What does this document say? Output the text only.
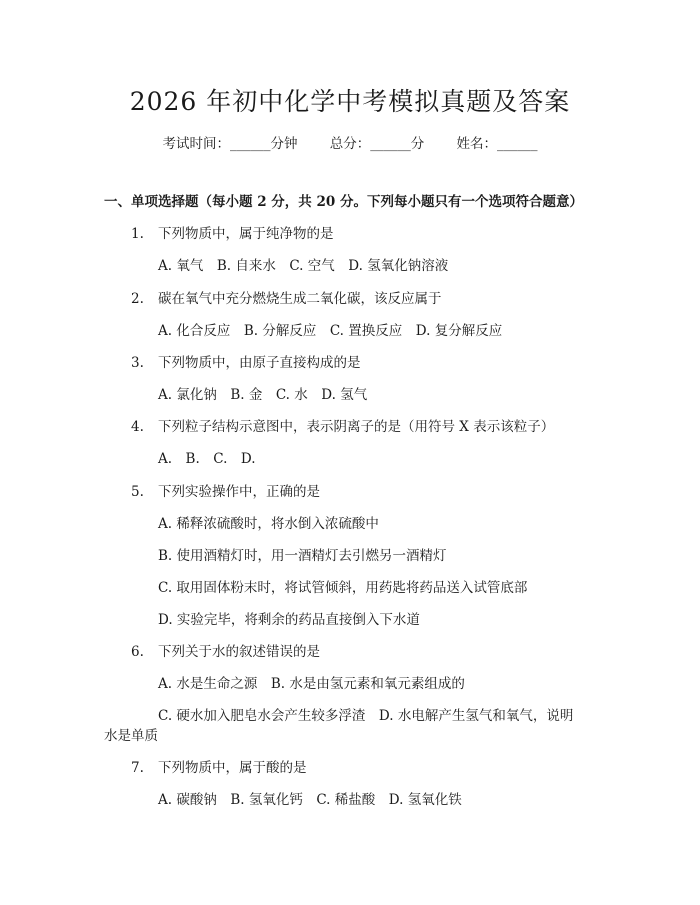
2026 年初中化学中考模拟真题及答案
考试时间：______分钟 总分：______分 姓名：______
一、单项选择题（每小题 2 分，共 20 分。下列每小题只有一个选项符合题意）
1. 下列物质中，属于纯净物的是
A. 氧气　B. 自来水　C. 空气　D. 氢氧化钠溶液
2. 碳在氧气中充分燃烧生成二氧化碳，该反应属于
A. 化合反应　B. 分解反应　C. 置换反应　D. 复分解反应
3. 下列物质中，由原子直接构成的是
A. 氯化钠　B. 金　C. 水　D. 氢气
4. 下列粒子结构示意图中，表示阴离子的是（用符号 X 表示该粒子）
A.　B.　C.　D.
5. 下列实验操作中，正确的是
A. 稀释浓硫酸时，将水倒入浓硫酸中
B. 使用酒精灯时，用一酒精灯去引燃另一酒精灯
C. 取用固体粉末时，将试管倾斜，用药匙将药品送入试管底部
D. 实验完毕，将剩余的药品直接倒入下水道
6. 下列关于水的叙述错误的是
A. 水是生命之源　B. 水是由氢元素和氧元素组成的
C. 硬水加入肥皂水会产生较多浮渣　D. 水电解产生氢气和氧气，说明
水是单质
7. 下列物质中，属于酸的是
A. 碳酸钠　B. 氢氧化钙　C. 稀盐酸　D. 氢氧化铁
